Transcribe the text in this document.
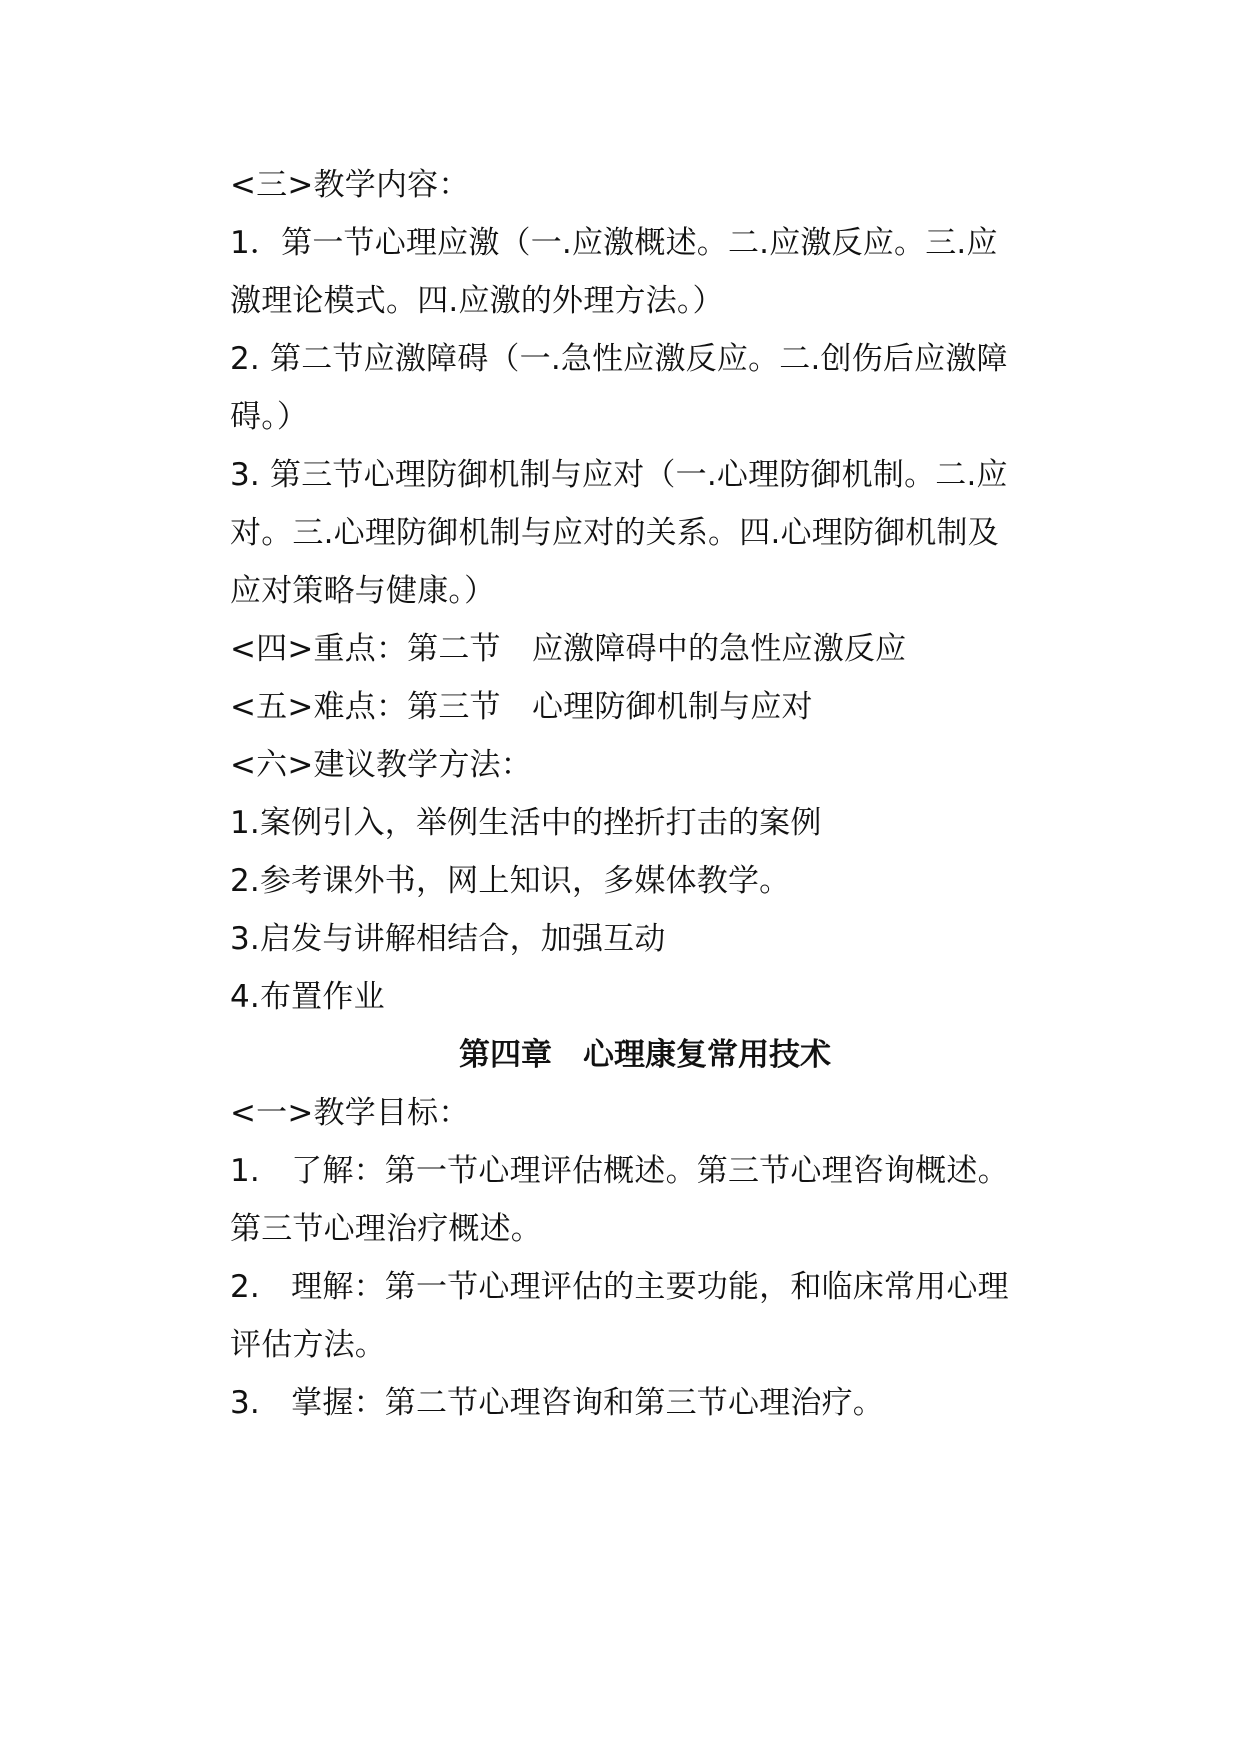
<三>教学内容：
1．第一节心理应激（一.应激概述。二.应激反应。三.应
激理论模式。四.应激的外理方法。）
2. 第二节应激障碍（一.急性应激反应。二.创伤后应激障
碍。）
3. 第三节心理防御机制与应对（一.心理防御机制。二.应
对。三.心理防御机制与应对的关系。四.心理防御机制及
应对策略与健康。）
<四>重点：第二节　应激障碍中的急性应激反应
<五>难点：第三节　心理防御机制与应对
<六>建议教学方法：
1.案例引入，举例生活中的挫折打击的案例
2.参考课外书，网上知识，多媒体教学。
3.启发与讲解相结合，加强互动
4.布置作业
第四章　心理康复常用技术
<一>教学目标：
1.　了解：第一节心理评估概述。第三节心理咨询概述。
第三节心理治疗概述。
2.　理解：第一节心理评估的主要功能，和临床常用心理
评估方法。
3.　掌握：第二节心理咨询和第三节心理治疗。
